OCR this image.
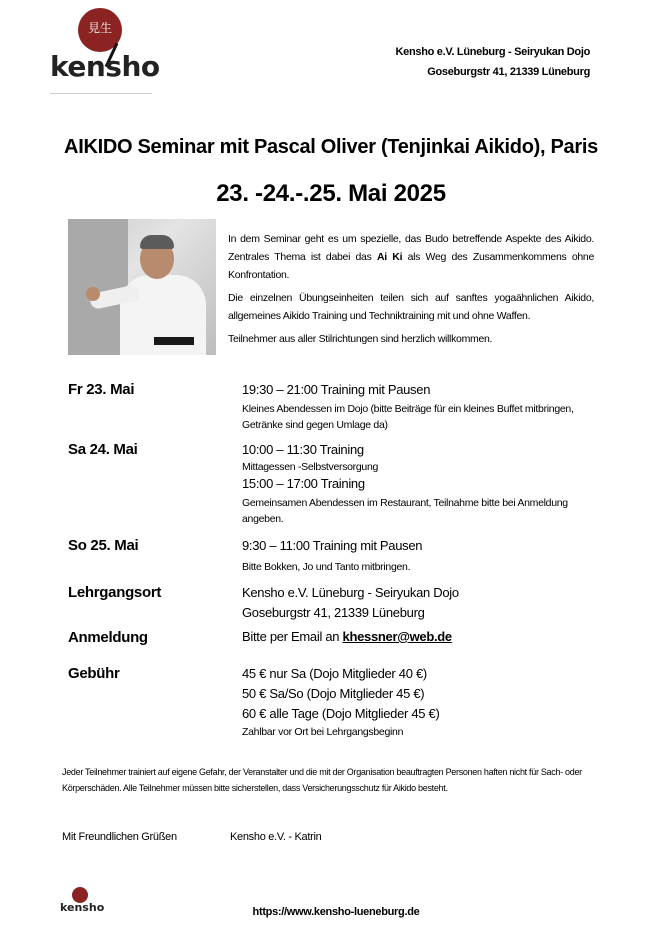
見生
kensho	Kensho e.V. Lüneburg - Seiryukan Dojo
Goseburgstr 41, 21339 Lüneburg
AIKIDO Seminar mit Pascal Oliver (Tenjinkai Aikido), Paris
23. -24.-.25. Mai 2025

In dem Seminar geht es um spezielle, das Budo betreffende Aspekte des Aikido. Zentrales Thema ist dabei das Ai Ki als Weg des Zusammenkommens ohne Konfrontation.

Die einzelnen Übungseinheiten teilen sich auf sanftes yogaähnlichen Aikido, allgemeines Aikido Training und Techniktraining mit und ohne Waffen.

Teilnehmer aus aller Stilrichtungen sind herzlich willkommen.

Fr 23. Mai	19:30 – 21:00 Training mit Pausen
Kleines Abendessen im Dojo (bitte Beiträge für ein kleines Buffet mitbringen, Getränke sind gegen Umlage da)
Sa 24. Mai	10:00 – 11:30 Training
Mittagessen -Selbstversorgung
15:00 – 17:00 Training
Gemeinsamen Abendessen im Restaurant, Teilnahme bitte bei Anmeldung angeben.
So 25. Mai	9:30 – 11:00 Training mit Pausen
Bitte Bokken, Jo und Tanto mitbringen.
Lehrgangsort	Kensho e.V. Lüneburg - Seiryukan Dojo
Goseburgstr 41, 21339 Lüneburg
Anmeldung	Bitte per Email an khessner@web.de
Gebühr	45 € nur Sa (Dojo Mitglieder 40 €)
50 € Sa/So (Dojo Mitglieder 45 €)
60 € alle Tage (Dojo Mitglieder 45 €)
Zahlbar vor Ort bei Lehrgangsbeginn
Jeder Teilnehmer trainiert auf eigene Gefahr, der Veranstalter und die mit der Organisation beauftragten Personen haften nicht für Sach- oder Körperschäden. Alle Teilnehmer müssen bitte sicherstellen, dass Versicherungsschutz für Aikido besteht.
Mit Freundlichen Grüßen	Kensho e.V. - Katrin
kensho	https://www.kensho-lueneburg.de
